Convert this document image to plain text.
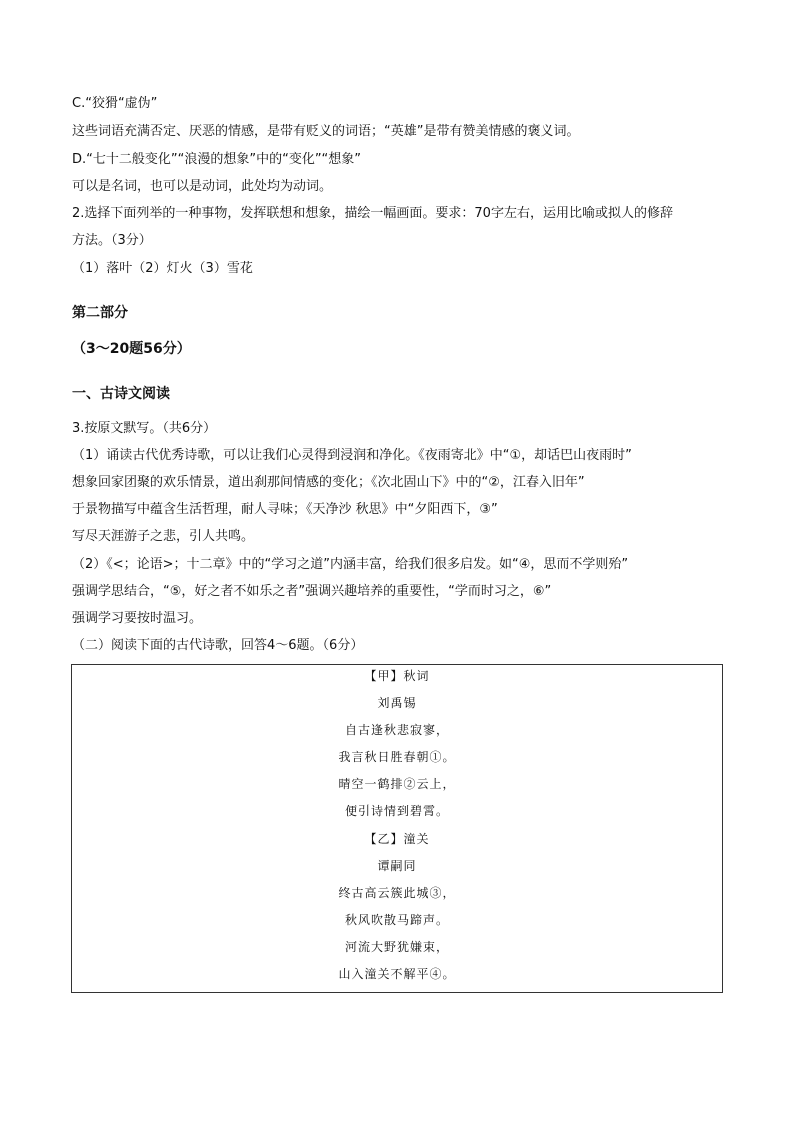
C.“狡猾“虚伪”
这些词语充满否定、厌恶的情感，是带有贬义的词语；“英雄”是带有赞美情感的褒义词。
D.“七十二般变化”“浪漫的想象”中的“变化”“想象”
可以是名词，也可以是动词，此处均为动词。
2.选择下面列举的一种事物，发挥联想和想象，描绘一幅画面。要求：70字左右，运用比喻或拟人的修辞
方法。（3分）
（1）落叶（2）灯火（3）雪花
第二部分
（3～20题56分）
一、古诗文阅读
3.按原文默写。（共6分）
（1）诵读古代优秀诗歌，可以让我们心灵得到浸润和净化。《夜雨寄北》中“①，却话巴山夜雨时”
想象回家团聚的欢乐情景，道出刹那间情感的变化；《次北固山下》中的“②，江春入旧年”
于景物描写中蕴含生活哲理，耐人寻味；《天净沙 秋思》中“夕阳西下，③”
写尽天涯游子之悲，引人共鸣。
（2）《<；论语>；十二章》中的“学习之道”内涵丰富，给我们很多启发。如“④，思而不学则殆”
强调学思结合，“⑤，好之者不如乐之者”强调兴趣培养的重要性，“学而时习之，⑥”
强调学习要按时温习。
（二）阅读下面的古代诗歌，回答4～6题。（6分）
【甲】秋词
刘禹锡
自古逢秋悲寂寥，
我言秋日胜春朝①。
晴空一鹤排②云上，
便引诗情到碧霄。
【乙】潼关
谭嗣同
终古高云簇此城③，
秋风吹散马蹄声。
河流大野犹嫌束，
山入潼关不解平④。
